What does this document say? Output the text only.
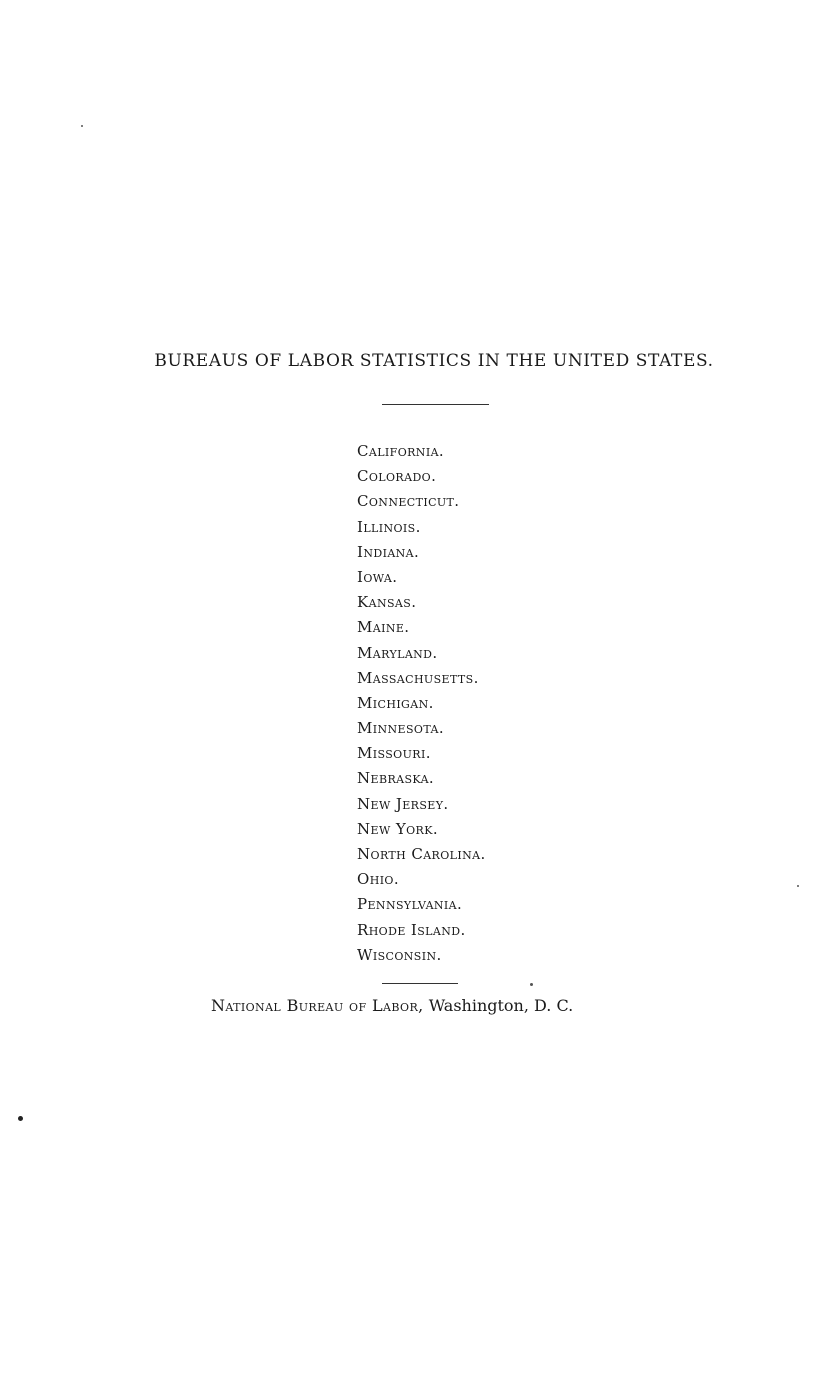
BUREAUS OF LABOR STATISTICS IN THE UNITED STATES.
California.
Colorado.
Connecticut.
Illinois.
Indiana.
Iowa.
Kansas.
Maine.
Maryland.
Massachusetts.
Michigan.
Minnesota.
Missouri.
Nebraska.
New Jersey.
New York.
North Carolina.
Ohio.
Pennsylvania.
Rhode Island.
Wisconsin.
National Bureau of Labor, Washington, D. C.
